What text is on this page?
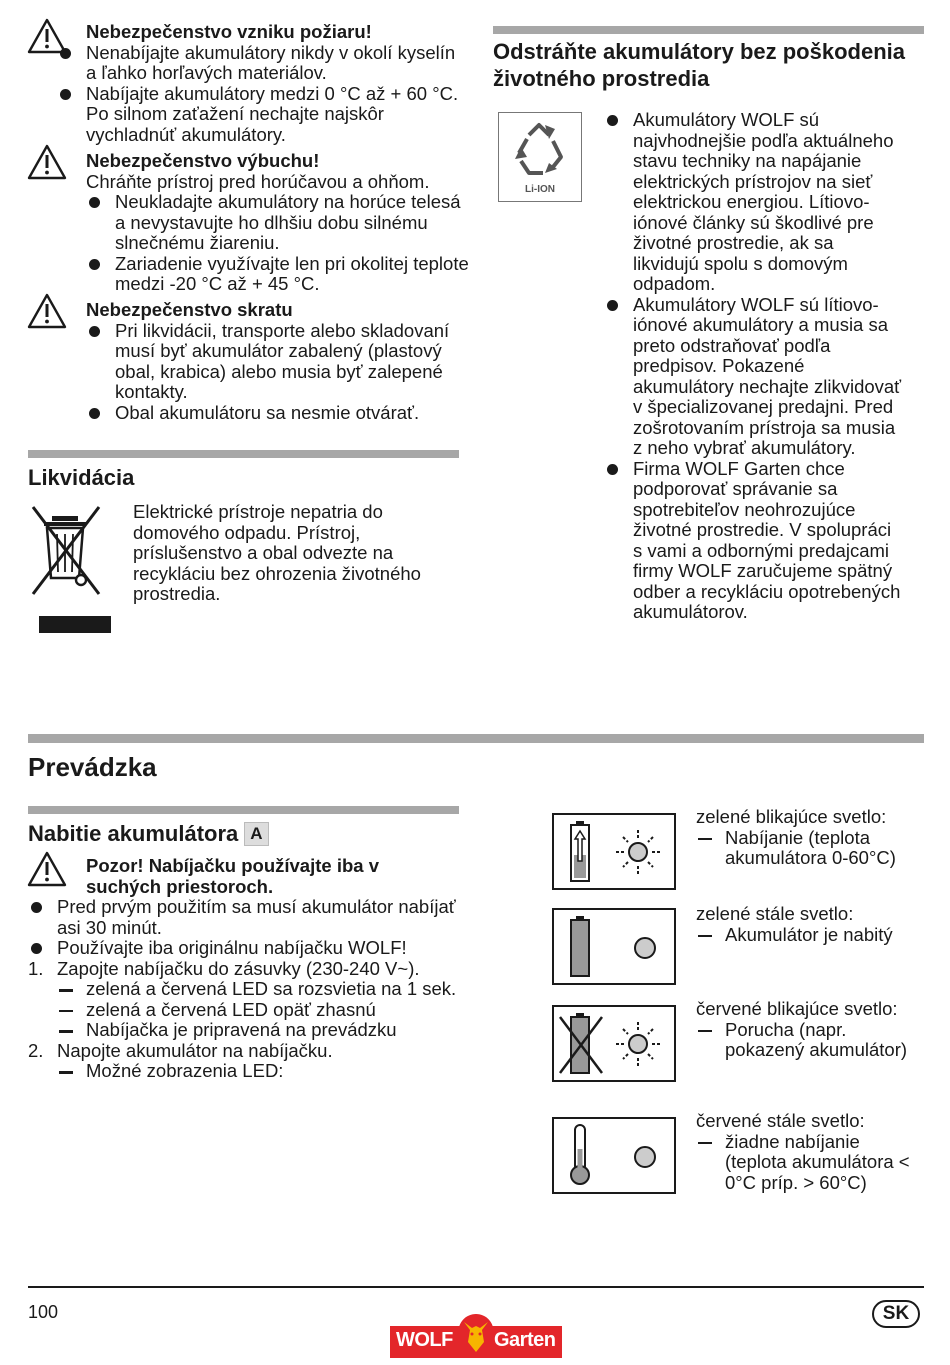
Nebezpečenstvo vzniku požiaru!
Nenabíjajte akumulátory nikdy v okolí kyselín a ľahko horľavých materiálov.
Nabíjajte akumulátory medzi 0 °C až + 60 °C. Po silnom zaťažení nechajte najskôr vychladnúť akumulátory.
Nebezpečenstvo výbuchu!
Chráňte prístroj pred horúčavou a ohňom.
Neukladajte akumulátory na horúce telesá a nevystavujte ho dlhšiu dobu silnému slnečnému žiareniu.
Zariadenie využívajte len pri okolitej teplote medzi -20 °C až + 45 °C.
Nebezpečenstvo skratu
Pri likvidácii, transporte alebo skladovaní musí byť akumulátor zabalený (plastový obal, krabica) alebo musia byť zalepené kontakty.
Obal akumulátoru sa nesmie otvárať.
Likvidácia
Elektrické prístroje nepatria do domového odpadu. Prístroj, príslušenstvo a obal odvezte na recykláciu bez ohrozenia životného prostredia.
Odstráňte akumulátory bez poškodenia životného prostredia
Li-ION
Akumulátory WOLF sú najvhodnejšie podľa aktuálneho stavu techniky na napájanie elektrických prístrojov na sieť elektrickou energiou. Lítiovo-iónové články sú škodlivé pre životné prostredie, ak sa likvidujú spolu s domovým odpadom.
Akumulátory WOLF sú lítiovo-iónové akumulátory a musia sa preto odstraňovať podľa predpisov. Pokazené akumulátory nechajte zlikvidovať v špecializovanej predajni. Pred zošrotovaním prístroja sa musia z neho vybrať akumulátory.
Firma WOLF Garten chce podporovať správanie sa spotrebiteľov neohrozujúce životné prostredie. V spolupráci s vami a odbornými predajcami firmy WOLF zaručujeme spätný odber a recykláciu opotrebených akumulátorov.
Prevádzka
Nabitie akumulátora A
Pozor! Nabíjačku používajte iba v suchých priestoroch.
Pred prvým použitím sa musí akumulátor nabíjať asi 30 minút.
Používajte iba originálnu nabíjačku WOLF!
1. Zapojte nabíjačku do zásuvky (230-240 V~).
zelená a červená LED sa rozsvietia na 1 sek.
zelená a červená LED opäť zhasnú
Nabíjačka je pripravená na prevádzku
2. Napojte akumulátor na nabíjačku.
Možné zobrazenia LED:
zelené blikajúce svetlo:
Nabíjanie (teplota akumulátora 0-60°C)
zelené stále svetlo:
Akumulátor je nabitý
červené blikajúce svetlo:
Porucha (napr. pokazený akumulátor)
červené stále svetlo:
žiadne nabíjanie (teplota akumulátora < 0°C príp. > 60°C)
100
WOLF Garten
SK
